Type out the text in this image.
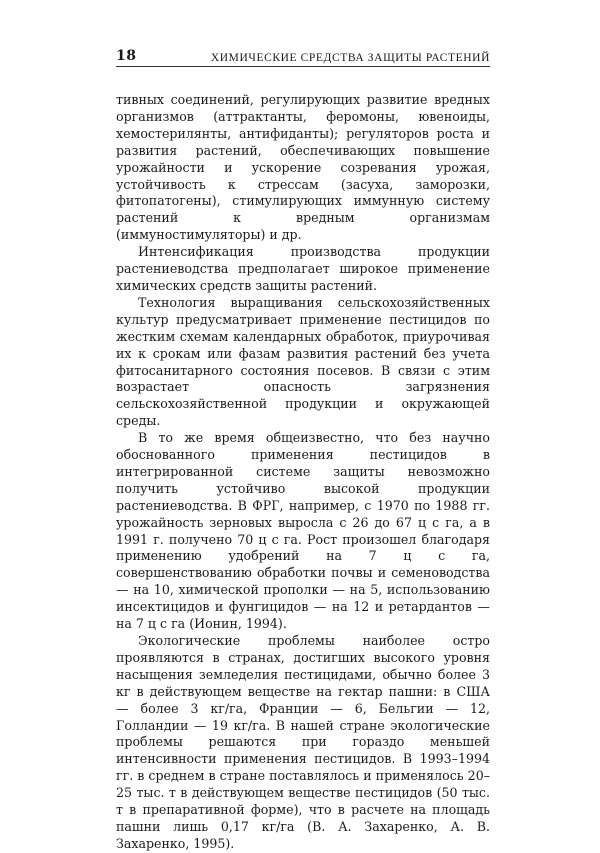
18	ХИМИЧЕСКИЕ СРЕДСТВА ЗАЩИТЫ РАСТЕНИЙ

тивных соединений, регулирующих развитие вредных организмов (аттрактанты, феромоны, ювеноиды, хемостерилянты, антифиданты); регуляторов роста и развития растений, обеспечивающих повышение урожайности и ускорение созревания урожая, устойчивость к стрессам (засуха, заморозки, фитопатогены), стимулирующих иммунную систему растений к вредным организмам (иммуностимуляторы) и др.

Интенсификация производства продукции растениеводства предполагает широкое применение химических средств защиты растений.

Технология выращивания сельскохозяйственных культур предусматривает применение пестицидов по жестким схемам календарных обработок, приурочивая их к срокам или фазам развития растений без учета фитосанитарного состояния посевов. В связи с этим возрастает опасность загрязнения сельскохозяйственной продукции и окружающей среды.

В то же время общеизвестно, что без научно обоснованного применения пестицидов в интегрированной системе защиты невозможно получить устойчиво высокой продукции растениеводства. В ФРГ, например, с 1970 по 1988 гг. урожайность зерновых выросла с 26 до 67 ц с га, а в 1991 г. получено 70 ц с га. Рост произошел благодаря применению удобрений на 7 ц с га, совершенствованию обработки почвы и семеноводства — на 10, химической прополки — на 5, использованию инсектицидов и фунгицидов — на 12 и ретардантов — на 7 ц с га (Ионин, 1994).

Экологические проблемы наиболее остро проявляются в странах, достигших высокого уровня насыщения земледелия пестицидами, обычно более 3 кг в действующем веществе на гектар пашни: в США — более 3 кг/га, Франции — 6, Бельгии — 12, Голландии — 19 кг/га. В нашей стране экологические проблемы решаются при гораздо меньшей интенсивности применения пестицидов. В 1993–1994 гг. в среднем в стране поставлялось и применялось 20–25 тыс. т в действующем веществе пестицидов (50 тыс. т в препаративной форме), что в расчете на площадь пашни лишь 0,17 кг/га (В. А. Захаренко, А. В. Захаренко, 1995).
